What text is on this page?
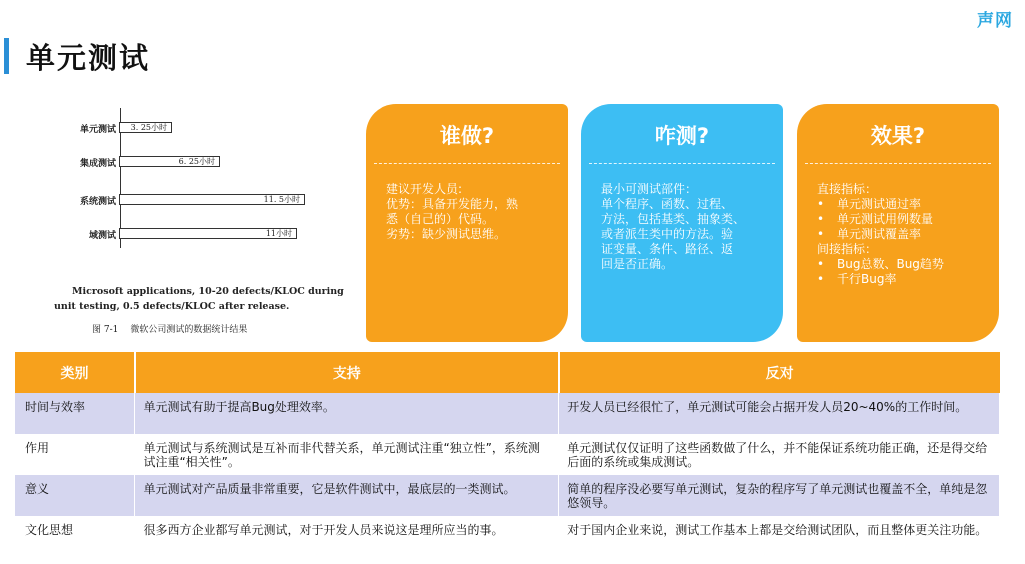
声网
单元测试
单元测试 3. 25小时
集成测试	6. 25小时
系统测试	11. 5小时
域测试	11小时
Microsoft applications, 10-20 defects/KLOC during
unit testing, 0.5 defects/KLOC after release.
图 7-1 微软公司测试的数据统计结果
谁做?
建议开发人员:
优势：具备开发能力，熟
悉（自己的）代码。
劣势：缺少测试思维。
咋测?
最小可测试部件：
单个程序、函数、过程、
方法，包括基类、抽象类、
或者派生类中的方法。验
证变量、条件、路径、返
回是否正确。
效果?
直接指标：
• 单元测试通过率
• 单元测试用例数量
• 单元测试覆盖率
间接指标：
• Bug总数、Bug趋势
• 千行Bug率
类别	支持	反对
时间与效率	单元测试有助于提高Bug处理效率。	开发人员已经很忙了，单元测试可能会占据开发人员20~40%的工作时间。
作用	单元测试与系统测试是互补而非代替关系，单元测试注重“独立性”，系统测试注重“相关性”。	单元测试仅仅证明了这些函数做了什么，并不能保证系统功能正确，还是得交给后面的系统或集成测试。
意义	单元测试对产品质量非常重要，它是软件测试中，最底层的一类测试。	简单的程序没必要写单元测试，复杂的程序写了单元测试也覆盖不全，单纯是忽悠领导。
文化思想	很多西方企业都写单元测试，对于开发人员来说这是理所应当的事。	对于国内企业来说，测试工作基本上都是交给测试团队，而且整体更关注功能。
